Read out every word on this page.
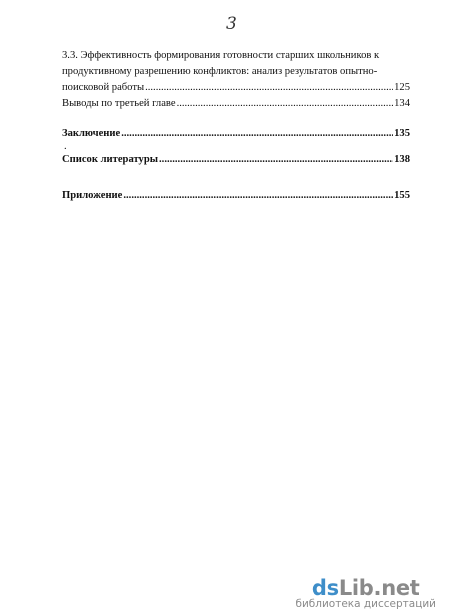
3
3.3. Эффективность формирования готовности старших школьников к
продуктивному разрешению конфликтов: анализ результатов опытно-
поисковой работы .....	125
Выводы по третьей главе .....	134
Заключение .....	135
.
Список литературы .....	138
Приложение .....	155
dsLib.net
библиотека диссертаций
